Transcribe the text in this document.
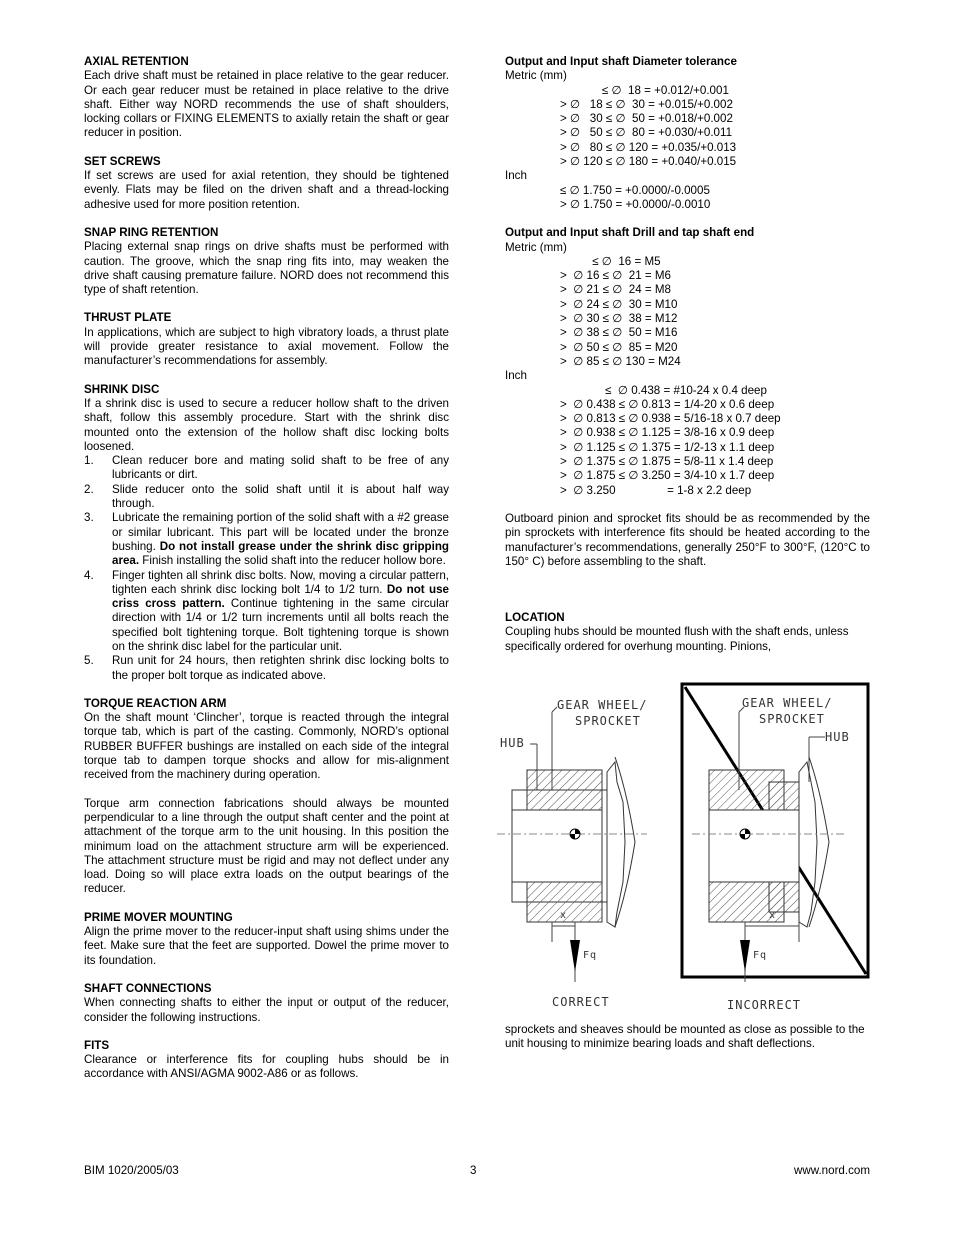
AXIAL RETENTION
Each drive shaft must be retained in place relative to the gear reducer. Or each gear reducer must be retained in place relative to the drive shaft. Either way NORD recommends the use of shaft shoulders, locking collars or FIXING ELEMENTS to axially retain the shaft or gear reducer in position.
SET SCREWS
If set screws are used for axial retention, they should be tightened evenly. Flats may be filed on the driven shaft and a thread-locking adhesive used for more position retention.
SNAP RING RETENTION
Placing external snap rings on drive shafts must be performed with caution. The groove, which the snap ring fits into, may weaken the drive shaft causing premature failure. NORD does not recommend this type of shaft retention.
THRUST PLATE
In applications, which are subject to high vibratory loads, a thrust plate will provide greater resistance to axial movement. Follow the manufacturer’s recommendations for assembly.
SHRINK DISC
If a shrink disc is used to secure a reducer hollow shaft to the driven shaft, follow this assembly procedure. Start with the shrink disc mounted onto the extension of the hollow shaft disc locking bolts loosened.
1. Clean reducer bore and mating solid shaft to be free of any lubricants or dirt.
2. Slide reducer onto the solid shaft until it is about half way through.
3. Lubricate the remaining portion of the solid shaft with a #2 grease or similar lubricant. This part will be located under the bronze bushing. Do not install grease under the shrink disc gripping area. Finish installing the solid shaft into the reducer hollow bore.
4. Finger tighten all shrink disc bolts. Now, moving a circular pattern, tighten each shrink disc locking bolt 1/4 to 1/2 turn. Do not use criss cross pattern. Continue tightening in the same circular direction with 1/4 or 1/2 turn increments until all bolts reach the specified bolt tightening torque. Bolt tightening torque is shown on the shrink disc label for the particular unit.
5. Run unit for 24 hours, then retighten shrink disc locking bolts to the proper bolt torque as indicated above.
TORQUE REACTION ARM
On the shaft mount ‘Clincher’, torque is reacted through the integral torque tab, which is part of the casting. Commonly, NORD’s optional RUBBER BUFFER bushings are installed on each side of the integral torque tab to dampen torque shocks and allow for mis-alignment received from the machinery during operation.
Torque arm connection fabrications should always be mounted perpendicular to a line through the output shaft center and the point at attachment of the torque arm to the unit housing. In this position the minimum load on the attachment structure arm will be experienced. The attachment structure must be rigid and may not deflect under any load. Doing so will place extra loads on the output bearings of the reducer.
PRIME MOVER MOUNTING
Align the prime mover to the reducer-input shaft using shims under the feet. Make sure that the feet are supported. Dowel the prime mover to its foundation.
SHAFT CONNECTIONS
When connecting shafts to either the input or output of the reducer, consider the following instructions.
FITS
Clearance or interference fits for coupling hubs should be in accordance with ANSI/AGMA 9002-A86 or as follows.
Output and Input shaft Diameter tolerance
Metric (mm)
≤ ∅  18 = +0.012/+0.001
> ∅   18 ≤ ∅  30 = +0.015/+0.002
> ∅   30 ≤ ∅  50 = +0.018/+0.002
> ∅   50 ≤ ∅  80 = +0.030/+0.011
> ∅   80 ≤ ∅ 120 = +0.035/+0.013
> ∅ 120 ≤ ∅ 180 = +0.040/+0.015
Inch
≤ ∅ 1.750 = +0.0000/-0.0005
> ∅ 1.750 = +0.0000/-0.0010
Output and Input shaft Drill and tap shaft end
Metric (mm)
≤ ∅  16 = M5
>  ∅ 16 ≤ ∅  21 = M6
>  ∅ 21 ≤ ∅  24 = M8
>  ∅ 24 ≤ ∅  30 = M10
>  ∅ 30 ≤ ∅  38 = M12
>  ∅ 38 ≤ ∅  50 = M16
>  ∅ 50 ≤ ∅  85 = M20
>  ∅ 85 ≤ ∅ 130 = M24
Inch
≤  ∅ 0.438 = #10-24 x 0.4 deep
>  ∅ 0.438 ≤ ∅ 0.813 = 1/4-20 x 0.6 deep
>  ∅ 0.813 ≤ ∅ 0.938 = 5/16-18 x 0.7 deep
>  ∅ 0.938 ≤ ∅ 1.125 = 3/8-16 x 0.9 deep
>  ∅ 1.125 ≤ ∅ 1.375 = 1/2-13 x 1.1 deep
>  ∅ 1.375 ≤ ∅ 1.875 = 5/8-11 x 1.4 deep
>  ∅ 1.875 ≤ ∅ 3.250 = 3/4-10 x 1.7 deep
>  ∅ 3.250                = 1-8 x 2.2 deep
Outboard pinion and sprocket fits should be as recommended by the pin sprockets with interference fits should be heated according to the manufacturer’s recommendations, generally 250°F to 300°F, (120°C to 150° C) before assembling to the shaft.
LOCATION
Coupling hubs should be mounted flush with the shaft ends, unless specifically ordered for overhung mounting. Pinions,
sprockets and sheaves should be mounted as close as possible to the unit housing to minimize bearing loads and shaft deflections.
GEAR WHEEL/
SPROCKET
HUB
x
Fq
CORRECT
GEAR WHEEL/
SPROCKET
HUB
x
Fq
INCORRECT
BIM 1020/2005/03	3	www.nord.com
